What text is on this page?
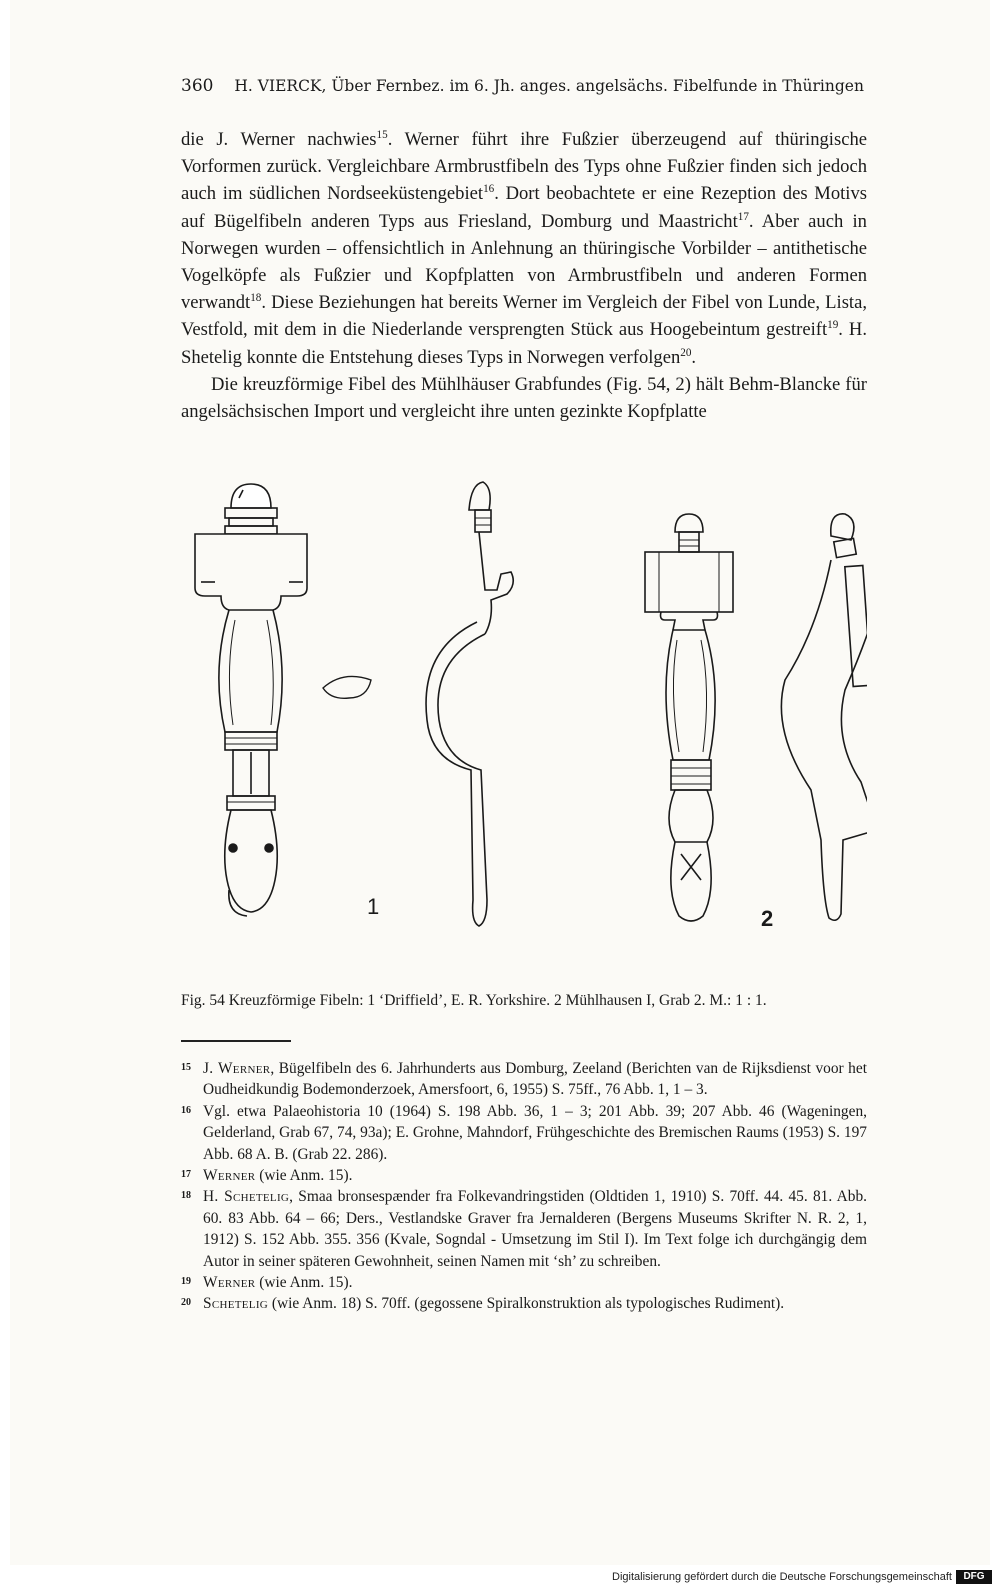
360 H. VIERCK, Über Fernbez. im 6. Jh. anges. angelsächs. Fibelfunde in Thüringen

die J. Werner nachwies$^{15}$. Werner führt ihre Fußzier überzeugend auf thüringische Vorformen zurück. Vergleichbare Armbrustfibeln des Typs ohne Fußzier finden sich jedoch auch im südlichen Nordseeküstengebiet$^{16}$. Dort beobachtete er eine Rezeption des Motivs auf Bügelfibeln anderen Typs aus Friesland, Domburg und Maastricht$^{17}$. Aber auch in Norwegen wurden – offensichtlich in Anlehnung an thüringische Vorbilder – antithetische Vogelköpfe als Fußzier und Kopfplatten von Armbrustfibeln und anderen Formen verwandt$^{18}$. Diese Beziehungen hat bereits Werner im Vergleich der Fibel von Lunde, Lista, Vestfold, mit dem in die Niederlande versprengten Stück aus Hoogebeintum gestreift$^{19}$. H. Shetelig konnte die Entstehung dieses Typs in Norwegen verfolgen$^{20}$.

Die kreuzförmige Fibel des Mühlhäuser Grabfundes (Fig. 54, 2) hält Behm-Blancke für angelsächsischen Import und vergleicht ihre unten gezinkte Kopfplatte

1	2
Fig. 54 Kreuzförmige Fibeln: 1 ‘Driffield’, E. R. Yorkshire. 2 Mühlhausen I, Grab 2. M.: 1 : 1.
15 J. Werner, Bügelfibeln des 6. Jahrhunderts aus Domburg, Zeeland (Berichten van de Rijksdienst voor het Oudheidkundig Bodemonderzoek, Amersfoort, 6, 1955) S. 75ff., 76 Abb. 1, 1 – 3.
16 Vgl. etwa Palaeohistoria 10 (1964) S. 198 Abb. 36, 1 – 3; 201 Abb. 39; 207 Abb. 46 (Wageningen, Gelderland, Grab 67, 74, 93a); E. Grohne, Mahndorf, Frühgeschichte des Bremischen Raums (1953) S. 197 Abb. 68 A. B. (Grab 22. 286).
17 Werner (wie Anm. 15).
18 H. Schetelig, Smaa bronsespænder fra Folkevandringstiden (Oldtiden 1, 1910) S. 70ff. 44. 45. 81. Abb. 60. 83 Abb. 64 – 66; Ders., Vestlandske Graver fra Jernalderen (Bergens Museums Skrifter N. R. 2, 1, 1912) S. 152 Abb. 355. 356 (Kvale, Sogndal - Umsetzung im Stil I). Im Text folge ich durchgängig dem Autor in seiner späteren Gewohnheit, seinen Namen mit ‘sh’ zu schreiben.
19 Werner (wie Anm. 15).
20 Schetelig (wie Anm. 18) S. 70ff. (gegossene Spiralkonstruktion als typologisches Rudiment).
Digitalisierung gefördert durch die Deutsche Forschungsgemeinschaft	DFG
